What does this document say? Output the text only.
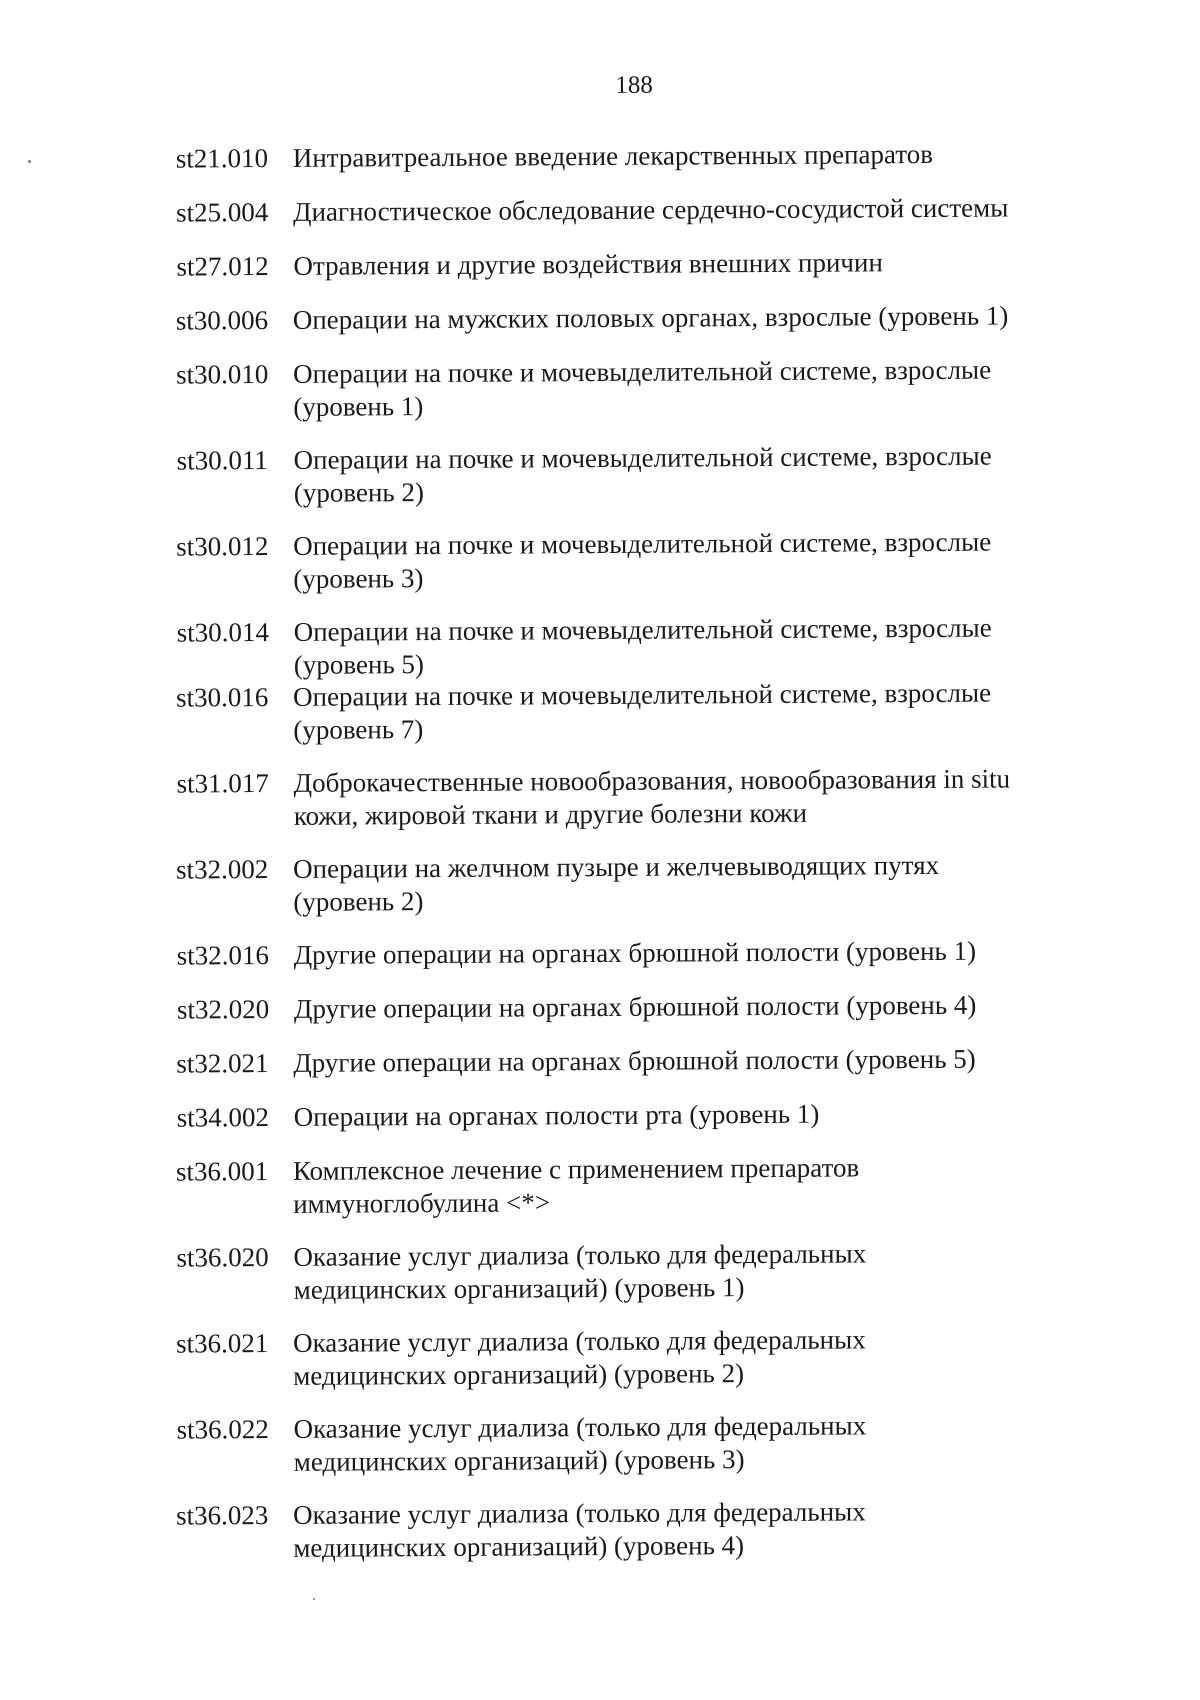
188
st21.010 Интравитреальное введение лекарственных препаратов
st25.004 Диагностическое обследование сердечно-сосудистой системы
st27.012 Отравления и другие воздействия внешних причин
st30.006 Операции на мужских половых органах, взрослые (уровень 1)
st30.010 Операции на почке и мочевыделительной системе, взрослые (уровень 1)
st30.011 Операции на почке и мочевыделительной системе, взрослые (уровень 2)
st30.012 Операции на почке и мочевыделительной системе, взрослые (уровень 3)
st30.014 Операции на почке и мочевыделительной системе, взрослые (уровень 5)
st30.016 Операции на почке и мочевыделительной системе, взрослые (уровень 7)
st31.017 Доброкачественные новообразования, новообразования in situ кожи, жировой ткани и другие болезни кожи
st32.002 Операции на желчном пузыре и желчевыводящих путях (уровень 2)
st32.016 Другие операции на органах брюшной полости (уровень 1)
st32.020 Другие операции на органах брюшной полости (уровень 4)
st32.021 Другие операции на органах брюшной полости (уровень 5)
st34.002 Операции на органах полости рта (уровень 1)
st36.001 Комплексное лечение с применением препаратов иммуноглобулина <*>
st36.020 Оказание услуг диализа (только для федеральных медицинских организаций) (уровень 1)
st36.021 Оказание услуг диализа (только для федеральных медицинских организаций) (уровень 2)
st36.022 Оказание услуг диализа (только для федеральных медицинских организаций) (уровень 3)
st36.023 Оказание услуг диализа (только для федеральных медицинских организаций) (уровень 4)
